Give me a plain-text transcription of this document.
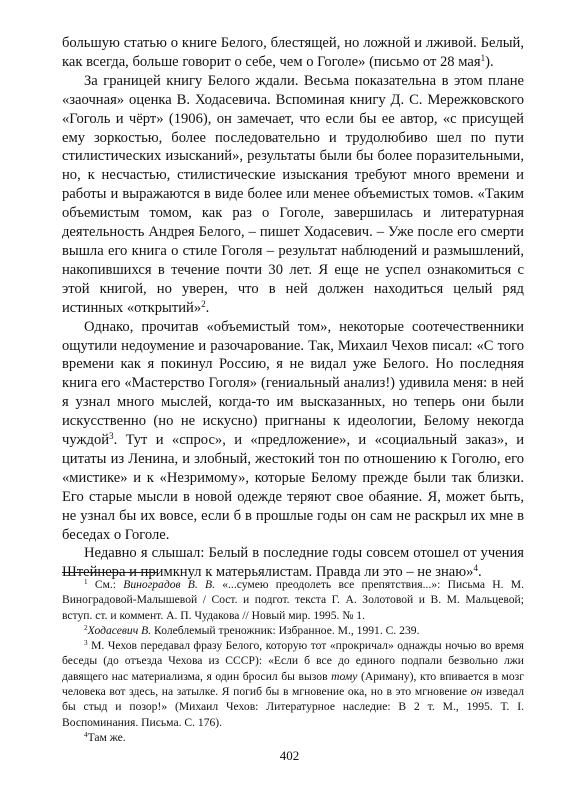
большую статью о книге Белого, блестящей, но ложной и лживой. Белый, как всегда, больше говорит о себе, чем о Гоголе» (письмо от 28 мая$^1$).

За границей книгу Белого ждали. Весьма показательна в этом плане «заочная» оценка В. Ходасевича. Вспоминая книгу Д. С. Мережковского «Гоголь и чёрт» (1906), он замечает, что если бы ее автор, «с присущей ему зоркостью, более последовательно и трудолюбиво шел по пути стилистических изысканий», результаты были бы более поразительными, но, к несчастью, стилистические изыскания требуют много времени и работы и выражаются в виде более или менее объемистых томов. «Таким объемистым томом, как раз о Гоголе, завершилась и литературная деятельность Андрея Белого, – пишет Ходасевич. – Уже после его смерти вышла его книга о стиле Гоголя – результат наблюдений и размышлений, накопившихся в течение почти 30 лет. Я еще не успел ознакомиться с этой книгой, но уверен, что в ней должен находиться целый ряд истинных «открытий»$^2$.

Однако, прочитав «объемистый том», некоторые соотечественники ощутили недоумение и разочарование. Так, Михаил Чехов писал: «С того времени как я покинул Россию, я не видал уже Белого. Но последняя книга его «Мастерство Гоголя» (гениальный анализ!) удивила меня: в ней я узнал много мыслей, когда-то им высказанных, но теперь они были искусственно (но не искусно) пригнаны к идеологии, Белому некогда чуждой$^3$. Тут и «спрос», и «предложение», и «социальный заказ», и цитаты из Ленина, и злобный, жестокий тон по отношению к Гоголю, его «мистике» и к «Незримому», которые Белому прежде были так близки. Его старые мысли в новой одежде теряют свое обаяние. Я, может быть, не узнал бы их вовсе, если б в прошлые годы он сам не раскрыл их мне в беседах о Гоголе.

Недавно я слышал: Белый в последние годы совсем отошел от учения Штейнера и примкнул к матерьялистам. Правда ли это – не знаю»$^4$.

$^1$ См.: Виноградов В. В. «...сумею преодолеть все препятствия...»: Письма Н. М. Виноградовой-Малышевой / Сост. и подгот. текста Г. А. Золотовой и В. М. Мальцевой; вступ. ст. и коммент. А. П. Чудакова // Новый мир. 1995. № 1.

$^2$Ходасевич В. Колеблемый треножник: Избранное. М., 1991. С. 239.

$^3$ М. Чехов передавал фразу Белого, которую тот «прокричал» однажды ночью во время беседы (до отъезда Чехова из СССР): «Если б все до единого подпали безвольно лжи давящего нас материализма, я один бросил бы вызов тому (Ариману), кто впивается в мозг человека вот здесь, на затылке. Я погиб бы в мгновение ока, но в это мгновение он изведал бы стыд и позор!» (Михаил Чехов: Литературное наследие: В 2 т. М., 1995. Т. I. Воспоминания. Письма. С. 176).

$^4$Там же.

402
